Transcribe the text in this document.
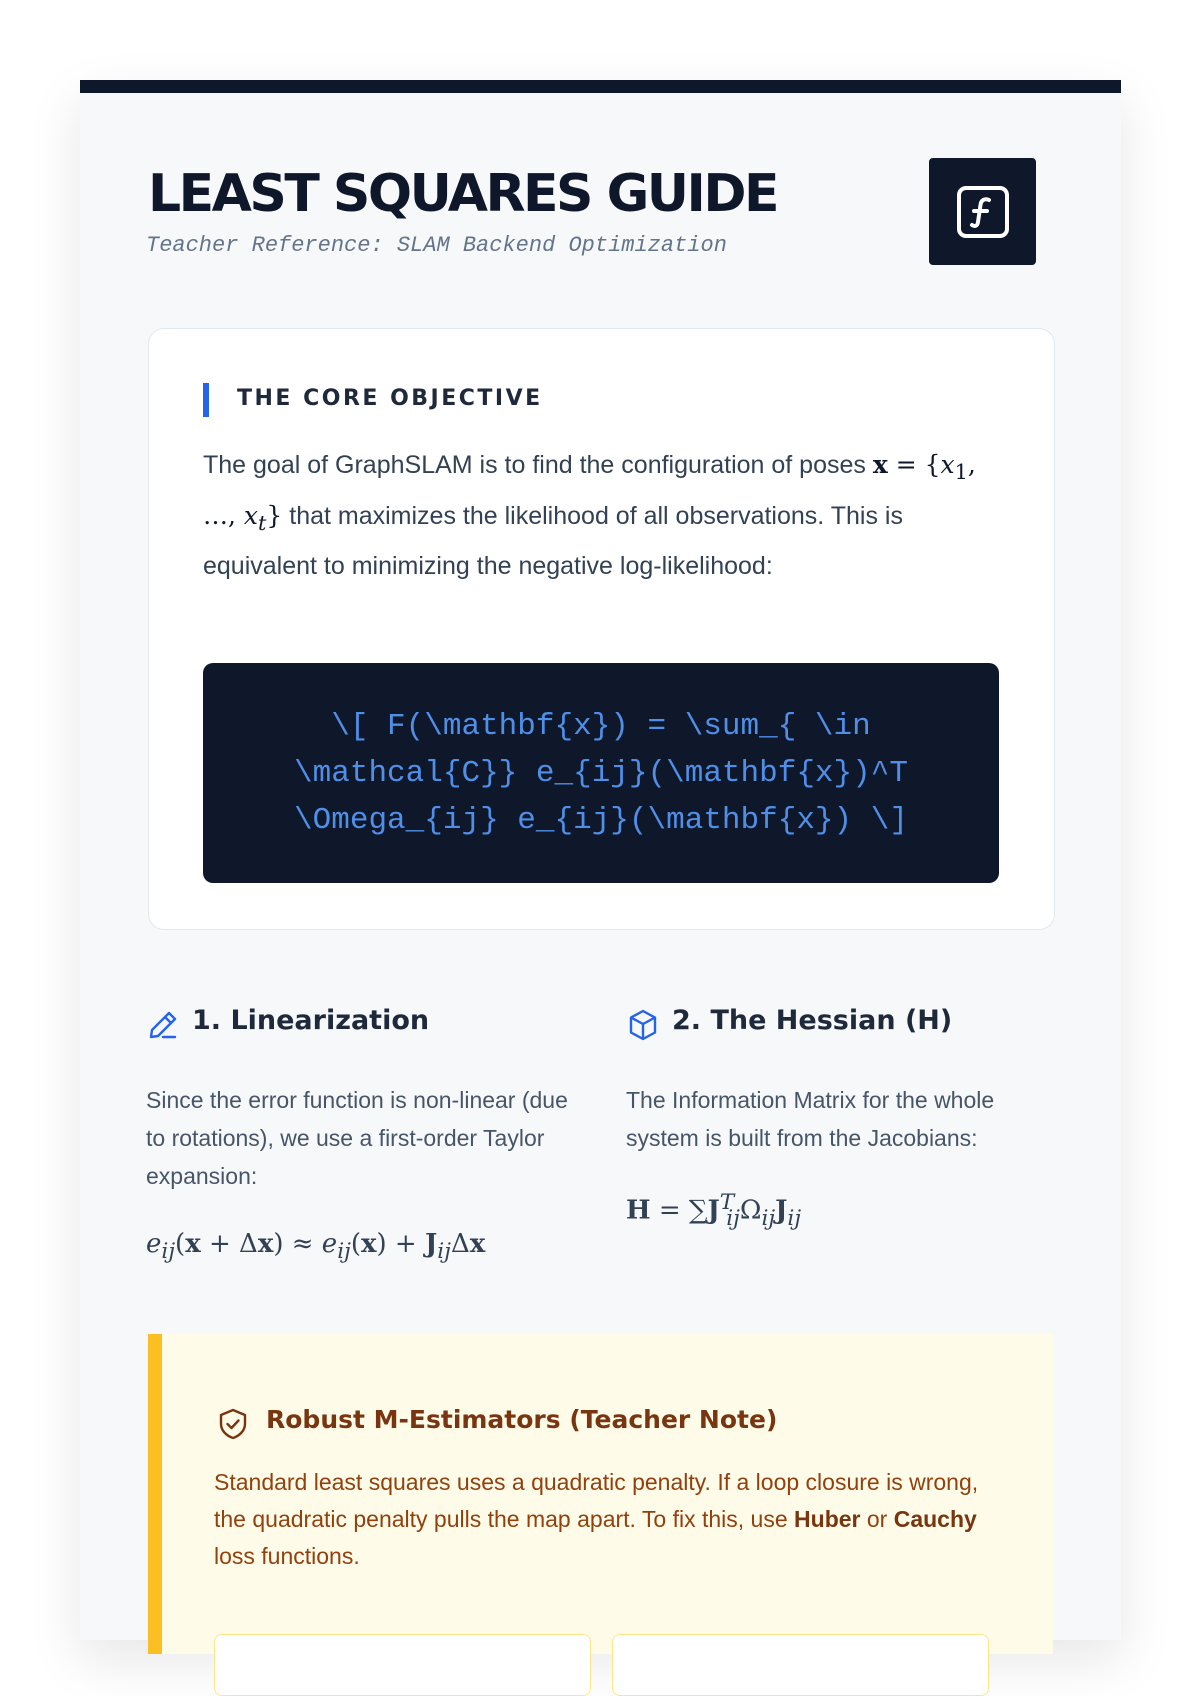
LEAST SQUARES GUIDE

Teacher Reference: SLAM Backend Optimization

THE CORE OBJECTIVE

The goal of GraphSLAM is to find the configuration of poses $x = \{x_1$, …, $x_t$} that maximizes the likelihood of all observations. This is equivalent to minimizing the negative log-likelihood:

\[ F(\mathbf{x}) = \sum_{ \in \mathcal{C}} e_{ij}(\mathbf{x})^T \Omega_{ij} e_{ij}(\mathbf{x}) \]

1. Linearization

Since the error function is non-linear (due to rotations), we use a first-order Taylor expansion:

$e_{ij}(x + \Delta x) \approx e_{ij}(x) + J_{ij}\Delta x$
2. The Hessian (H)

The Information Matrix for the whole system is built from the Jacobians:

$H = \sum J^T_{ij}\Omega_{ij}J_{ij}$
Robust M-Estimators (Teacher Note)

Standard least squares uses a quadratic penalty. If a loop closure is wrong, the quadratic penalty pulls the map apart. To fix this, use Huber or Cauchy loss functions.
